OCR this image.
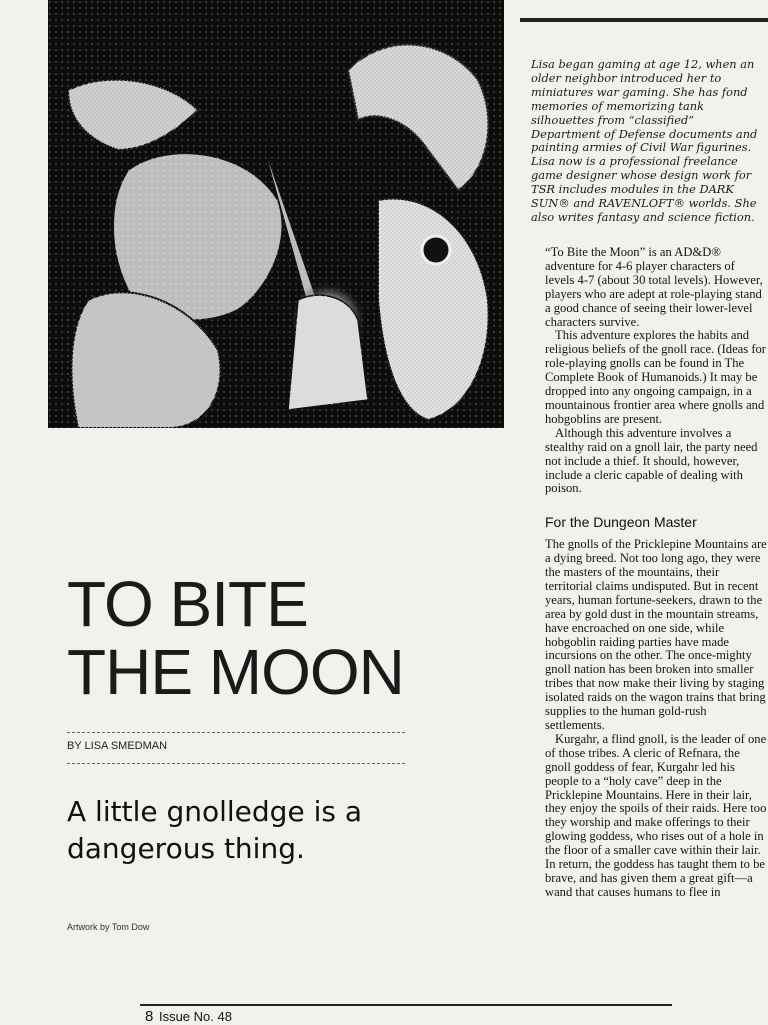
Lisa began gaming at age 12, when an older neighbor introduced her to miniatures war gaming. She has fond memories of memorizing tank silhouettes from “classified” Department of Defense documents and painting armies of Civil War figurines. Lisa now is a professional freelance game designer whose design work for TSR includes modules in the DARK SUN® and RAVENLOFT® worlds. She also writes fantasy and science fiction.

“To Bite the Moon” is an AD&D® adventure for 4-6 player characters of levels 4-7 (about 30 total levels). However, players who are adept at role-playing stand a good chance of seeing their lower-level characters survive.

This adventure explores the habits and religious beliefs of the gnoll race. (Ideas for role-playing gnolls can be found in The Complete Book of Humanoids.) It may be dropped into any ongoing campaign, in a mountainous frontier area where gnolls and hobgoblins are present.

Although this adventure involves a stealthy raid on a gnoll lair, the party need not include a thief. It should, however, include a cleric capable of dealing with poison.

For the Dungeon Master

The gnolls of the Pricklepine Mountains are a dying breed. Not too long ago, they were the masters of the mountains, their territorial claims undisputed. But in recent years, human fortune-seekers, drawn to the area by gold dust in the mountain streams, have encroached on one side, while hobgoblin raiding parties have made incursions on the other. The once-mighty gnoll nation has been broken into smaller tribes that now make their living by staging isolated raids on the wagon trains that bring supplies to the human gold-rush settlements.

Kurgahr, a flind gnoll, is the leader of one of those tribes. A cleric of Refnara, the gnoll goddess of fear, Kurgahr led his people to a “holy cave” deep in the Pricklepine Mountains. Here in their lair, they enjoy the spoils of their raids. Here too they worship and make offerings to their glowing goddess, who rises out of a hole in the floor of a smaller cave within their lair. In return, the goddess has taught them to be brave, and has given them a great gift—a wand that causes humans to flee in

TO BITE THE MOON
BY LISA SMEDMAN

A little gnolledge is a dangerous thing.

Artwork by Tom Dow
8 Issue No. 48
